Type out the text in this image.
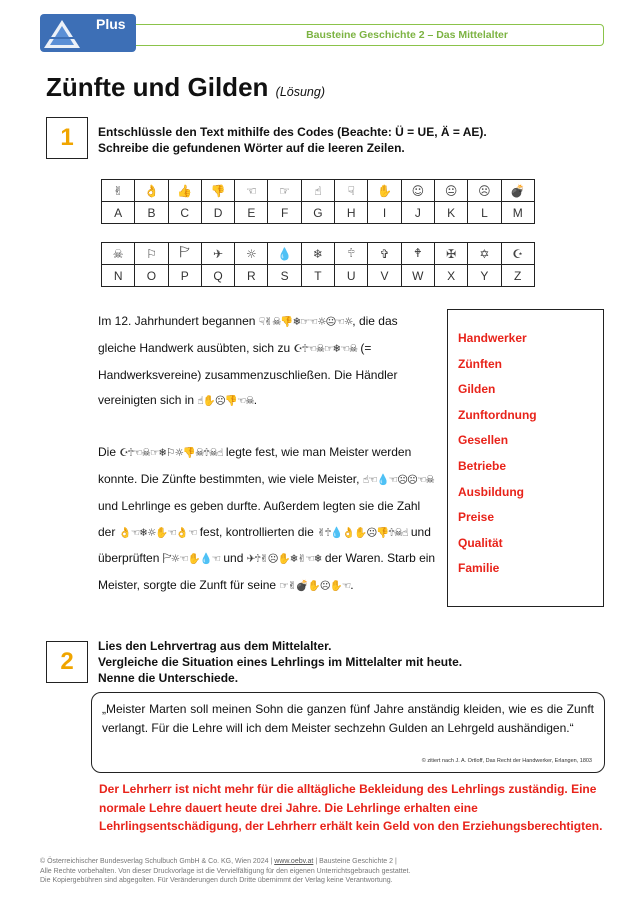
Plus
Bausteine Geschichte 2 – Das Mittelalter
Zünfte und Gilden (Lösung)
1	Entschlüssle den Text mithilfe des Codes (Beachte: Ü = UE, Ä = AE).
Schreibe die gefundenen Wörter auf die leeren Zeilen.
✌	👌	👍	👎	☜	☞	☝	☟	✋	☺	😐	☹	💣
A	B	C	D	E	F	G	H	I	J	K	L	M
☠	⚐	🏱	✈	☼	💧	❄	🕆	✞	🕈	✠	✡	☪
N	O	P	Q	R	S	T	U	V	W	X	Y	Z
Im 12. Jahrhundert begannen ☟✌☠👎❄☞☜☼😐☜☼, die das gleiche Handwerk ausübten, sich zu ☪🕆☜☠☞❄☜☠ (= Handwerksvereine) zusammenzuschließen. Die Händler vereinigten sich in ☝✋☹👎☜☠.
Die ☪🕆☜☠☞❄⚐☼👎☠🕆☠☝ legte fest, wie man Meister werden konnte. Die Zünfte bestimmten, wie viele Meister, ☝☜💧☜☹☹☜☠ und Lehrlinge es geben durfte. Außerdem legten sie die Zahl der 👌☜❄☼✋☜👌☜ fest, kontrollierten die ✌🕆💧👌✋☹👎🕆☠☝ und überprüften 🏱☼☜✋💧☜ und ✈🕆✌☹✋❄✌☜❄ der Waren. Starb ein Meister, sorgte die Zunft für seine ☞✌💣✋☹✋☜.
Handwerker
Zünften
Gilden
Zunftordnung
Gesellen
Betriebe
Ausbildung
Preise
Qualität
Familie
2
Lies den Lehrvertrag aus dem Mittelalter.
Vergleiche die Situation eines Lehrlings im Mittelalter mit heute.
Nenne die Unterschiede.
„Meister Marten soll meinen Sohn die ganzen fünf Jahre anständig kleiden, wie es die Zunft verlangt. Für die Lehre will ich dem Meister sechzehn Gulden an Lehrgeld aushändigen.“
© zitiert nach J. A. Ortloff, Das Recht der Handwerker, Erlangen, 1803
Der Lehrherr ist nicht mehr für die alltägliche Bekleidung des Lehrlings zuständig. Eine normale Lehre dauert heute drei Jahre. Die Lehrlinge erhalten eine Lehrlingsentschädigung, der Lehrherr erhält kein Geld von den Erziehungsberechtigten.
© Österreichischer Bundesverlag Schulbuch GmbH & Co. KG, Wien 2024 | www.oebv.at | Bausteine Geschichte 2 |
Alle Rechte vorbehalten. Von dieser Druckvorlage ist die Vervielfältigung für den eigenen Unterrichtsgebrauch gestattet.
Die Kopiergebühren sind abgegolten. Für Veränderungen durch Dritte übernimmt der Verlag keine Verantwortung.
